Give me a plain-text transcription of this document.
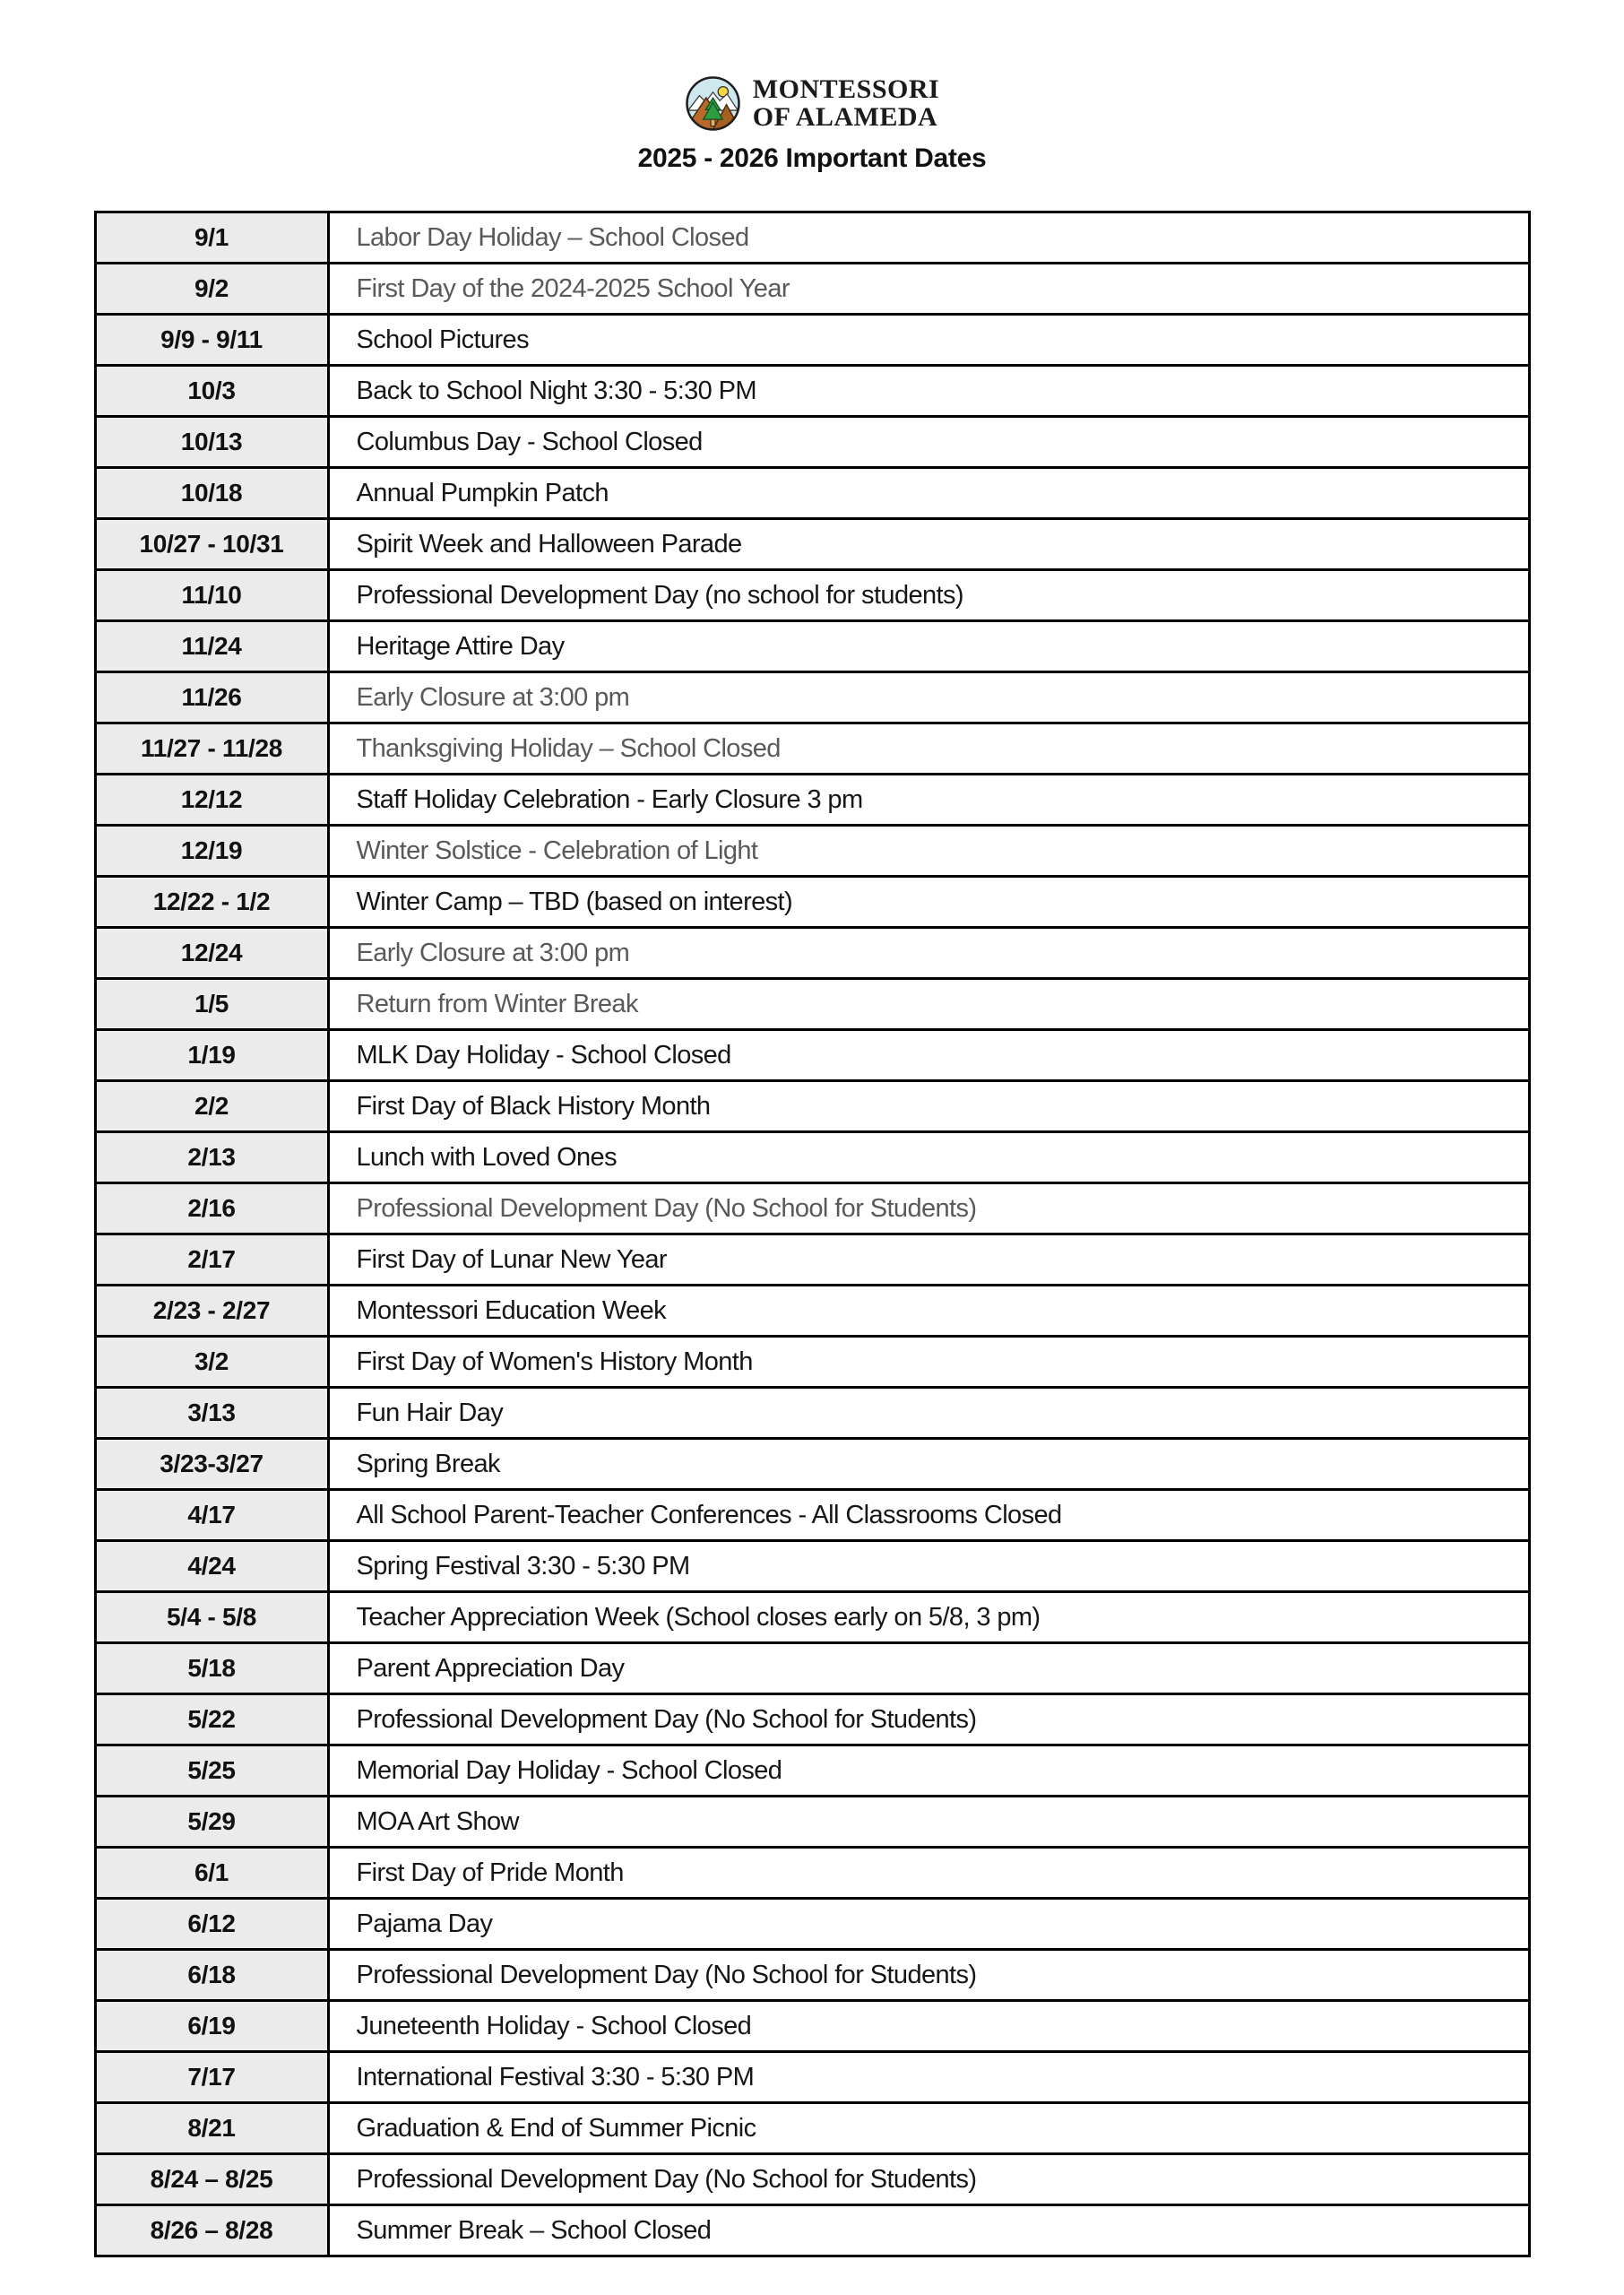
MONTESSORI
OF ALAMEDA
2025 - 2026 Important Dates
9/1	Labor Day Holiday – School Closed
9/2	First Day of the 2024-2025 School Year
9/9 - 9/11	School Pictures
10/3	Back to School Night 3:30 - 5:30 PM
10/13	Columbus Day - School Closed
10/18	Annual Pumpkin Patch
10/27 - 10/31	Spirit Week and Halloween Parade
11/10	Professional Development Day (no school for students)
11/24	Heritage Attire Day
11/26	Early Closure at 3:00 pm
11/27 - 11/28	Thanksgiving Holiday – School Closed
12/12	Staff Holiday Celebration - Early Closure 3 pm
12/19	Winter Solstice - Celebration of Light
12/22 - 1/2	Winter Camp – TBD (based on interest)
12/24	Early Closure at 3:00 pm
1/5	Return from Winter Break
1/19	MLK Day Holiday - School Closed
2/2	First Day of Black History Month
2/13	Lunch with Loved Ones
2/16	Professional Development Day (No School for Students)
2/17	First Day of Lunar New Year
2/23 - 2/27	Montessori Education Week
3/2	First Day of Women's History Month
3/13	Fun Hair Day
3/23-3/27	Spring Break
4/17	All School Parent-Teacher Conferences - All Classrooms Closed
4/24	Spring Festival 3:30 - 5:30 PM
5/4 - 5/8	Teacher Appreciation Week (School closes early on 5/8, 3 pm)
5/18	Parent Appreciation Day
5/22	Professional Development Day (No School for Students)
5/25	Memorial Day Holiday - School Closed
5/29	MOA Art Show
6/1	First Day of Pride Month
6/12	Pajama Day
6/18	Professional Development Day (No School for Students)
6/19	Juneteenth Holiday - School Closed
7/17	International Festival 3:30 - 5:30 PM
8/21	Graduation & End of Summer Picnic
8/24 – 8/25	Professional Development Day (No School for Students)
8/26 – 8/28	Summer Break – School Closed
